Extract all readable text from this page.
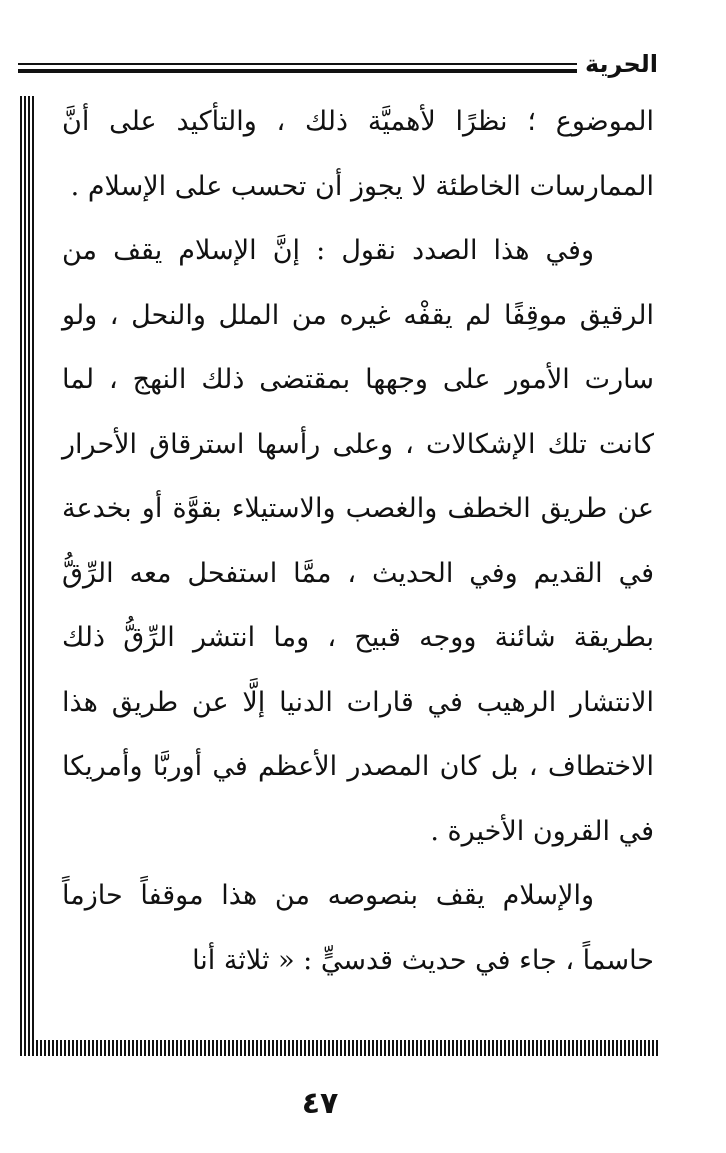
الحرية

الموضوع ؛ نظرًا لأهميَّة ذلك ، والتأكيد على أنَّ الممارسات الخاطئة لا يجوز أن تحسب على الإسلام .

وفي هذا الصدد نقول : إنَّ الإسلام يقف من الرقيق موقِفًا لم يقفْه غيره من الملل والنحل ، ولو سارت الأمور على وجهها بمقتضى ذلك النهج ، لما كانت تلك الإشكالات ، وعلى رأسها استرقاق الأحرار عن طريق الخطف والغصب والاستيلاء بقوَّة أو بخدعة في القديم وفي الحديث ، ممَّا استفحل معه الرِّقُّ بطريقة شائنة ووجه قبيح ، وما انتشر الرِّقُّ ذلك الانتشار الرهيب في قارات الدنيا إلَّا عن طريق هذا الاختطاف ، بل كان المصدر الأعظم في أوربَّا وأمريكا في القرون الأخيرة .

والإسلام يقف بنصوصه من هذا موقفاً حازماً حاسماً ، جاء في حديث قدسيٍّ : « ثلاثة أنا

٤٧
